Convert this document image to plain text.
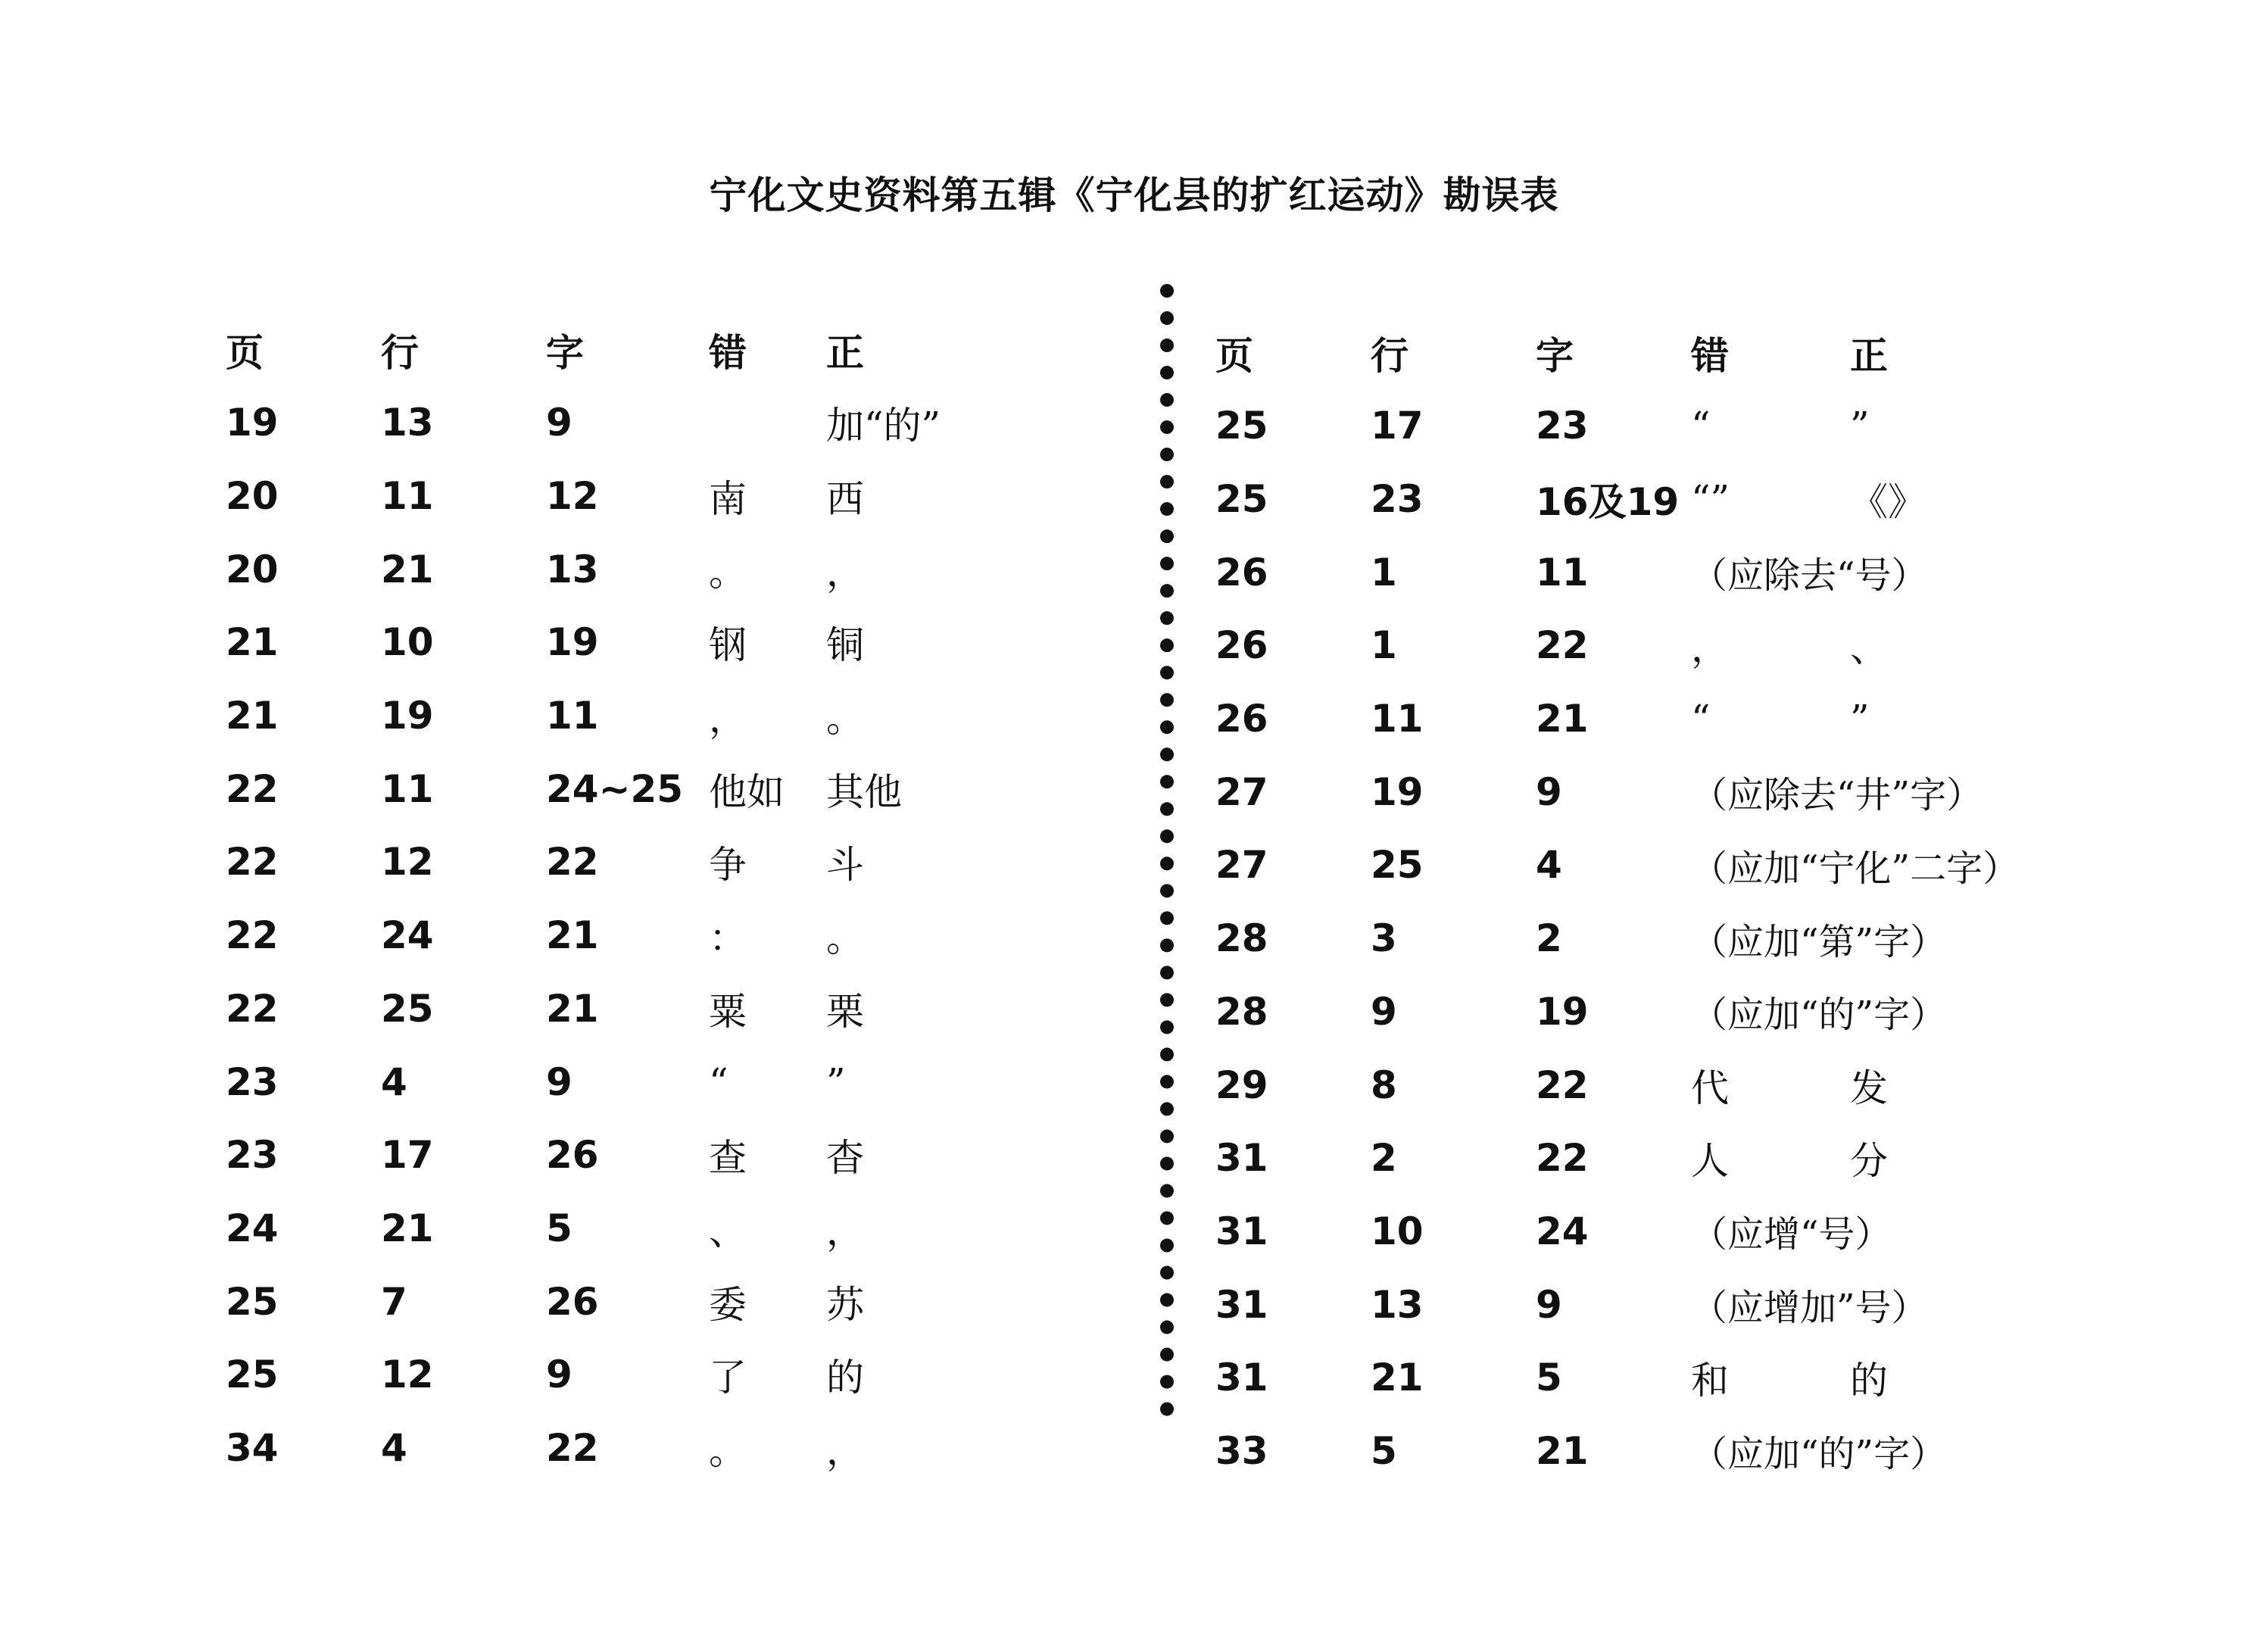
宁化文史资料第五辑《宁化县的扩红运动》勘误表
页	行	字	错	正
19	13	9		加“的”
20	11	12	南	西
20	21	13	。	，
21	10	19	钢	铜
21	19	11	，	。
22	11	24~25	他如	其他
22	12	22	争	斗
22	24	21	：	。
22	25	21	粟	栗
23	4	9	“	”
23	17	26	查	杳
24	21	5	、	，
25	7	26	委	苏
25	12	9	了	的
34	4	22	。	，
页	行	字	错	正
25	17	23	“	”
25	23	16及19	“”	《》
26	1	11	（应除去“号）	
26	1	22	，	、
26	11	21	“	”
27	19	9	（应除去“井”字）	
27	25	4	（应加“宁化”二字）	
28	3	2	（应加“第”字）	
28	9	19	（应加“的”字）	
29	8	22	代	发
31	2	22	人	分
31	10	24	（应增“号）	
31	13	9	（应增加”号）	
31	21	5	和	的
33	5	21	（应加“的”字）	
